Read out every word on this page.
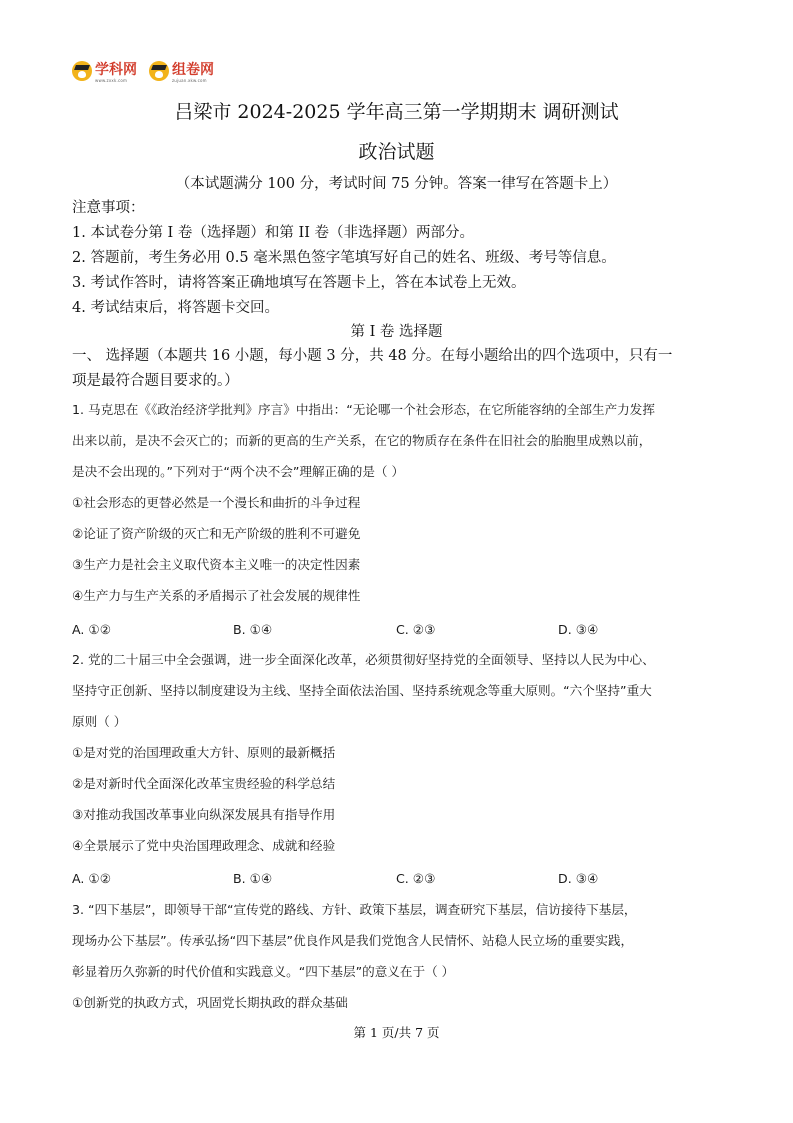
学科网
www.zxxk.com
组卷网
zujuan.xkw.com
吕梁市 2024-2025 学年高三第一学期期末 调研测试
政治试题
（本试题满分 100 分，考试时间 75 分钟。答案一律写在答题卡上）
注意事项：
1. 本试卷分第 I 卷（选择题）和第 II 卷（非选择题）两部分。
2. 答题前，考生务必用 0.5 毫米黑色签字笔填写好自己的姓名、班级、考号等信息。
3. 考试作答时，请将答案正确地填写在答题卡上，答在本试卷上无效。
4. 考试结束后，将答题卡交回。
第 I 卷 选择题
一、 选择题（本题共 16 小题，每小题 3 分，共 48 分。在每小题给出的四个选项中，只有一
项是最符合题目要求的。）
1. 马克思在《《政治经济学批判》序言》中指出：“无论哪一个社会形态，在它所能容纳的全部生产力发挥
出来以前，是决不会灭亡的；而新的更高的生产关系，在它的物质存在条件在旧社会的胎胞里成熟以前，
是决不会出现的。”下列对于“两个决不会”理解正确的是（ ）
①社会形态的更替必然是一个漫长和曲折的斗争过程
②论证了资产阶级的灭亡和无产阶级的胜利不可避免
③生产力是社会主义取代资本主义唯一的决定性因素
④生产力与生产关系的矛盾揭示了社会发展的规律性
A. ①②	B. ①④	C. ②③	D. ③④
2. 党的二十届三中全会强调，进一步全面深化改革，必须贯彻好坚持党的全面领导、坚持以人民为中心、
坚持守正创新、坚持以制度建设为主线、坚持全面依法治国、坚持系统观念等重大原则。“六个坚持”重大
原则（ ）
①是对党的治国理政重大方针、原则的最新概括
②是对新时代全面深化改革宝贵经验的科学总结
③对推动我国改革事业向纵深发展具有指导作用
④全景展示了党中央治国理政理念、成就和经验
A. ①②	B. ①④	C. ②③	D. ③④
3. “四下基层”，即领导干部“宣传党的路线、方针、政策下基层，调查研究下基层，信访接待下基层，
现场办公下基层”。传承弘扬“四下基层”优良作风是我们党饱含人民情怀、站稳人民立场的重要实践，
彰显着历久弥新的时代价值和实践意义。“四下基层”的意义在于（ ）
①创新党的执政方式，巩固党长期执政的群众基础
第 1 页/共 7 页
